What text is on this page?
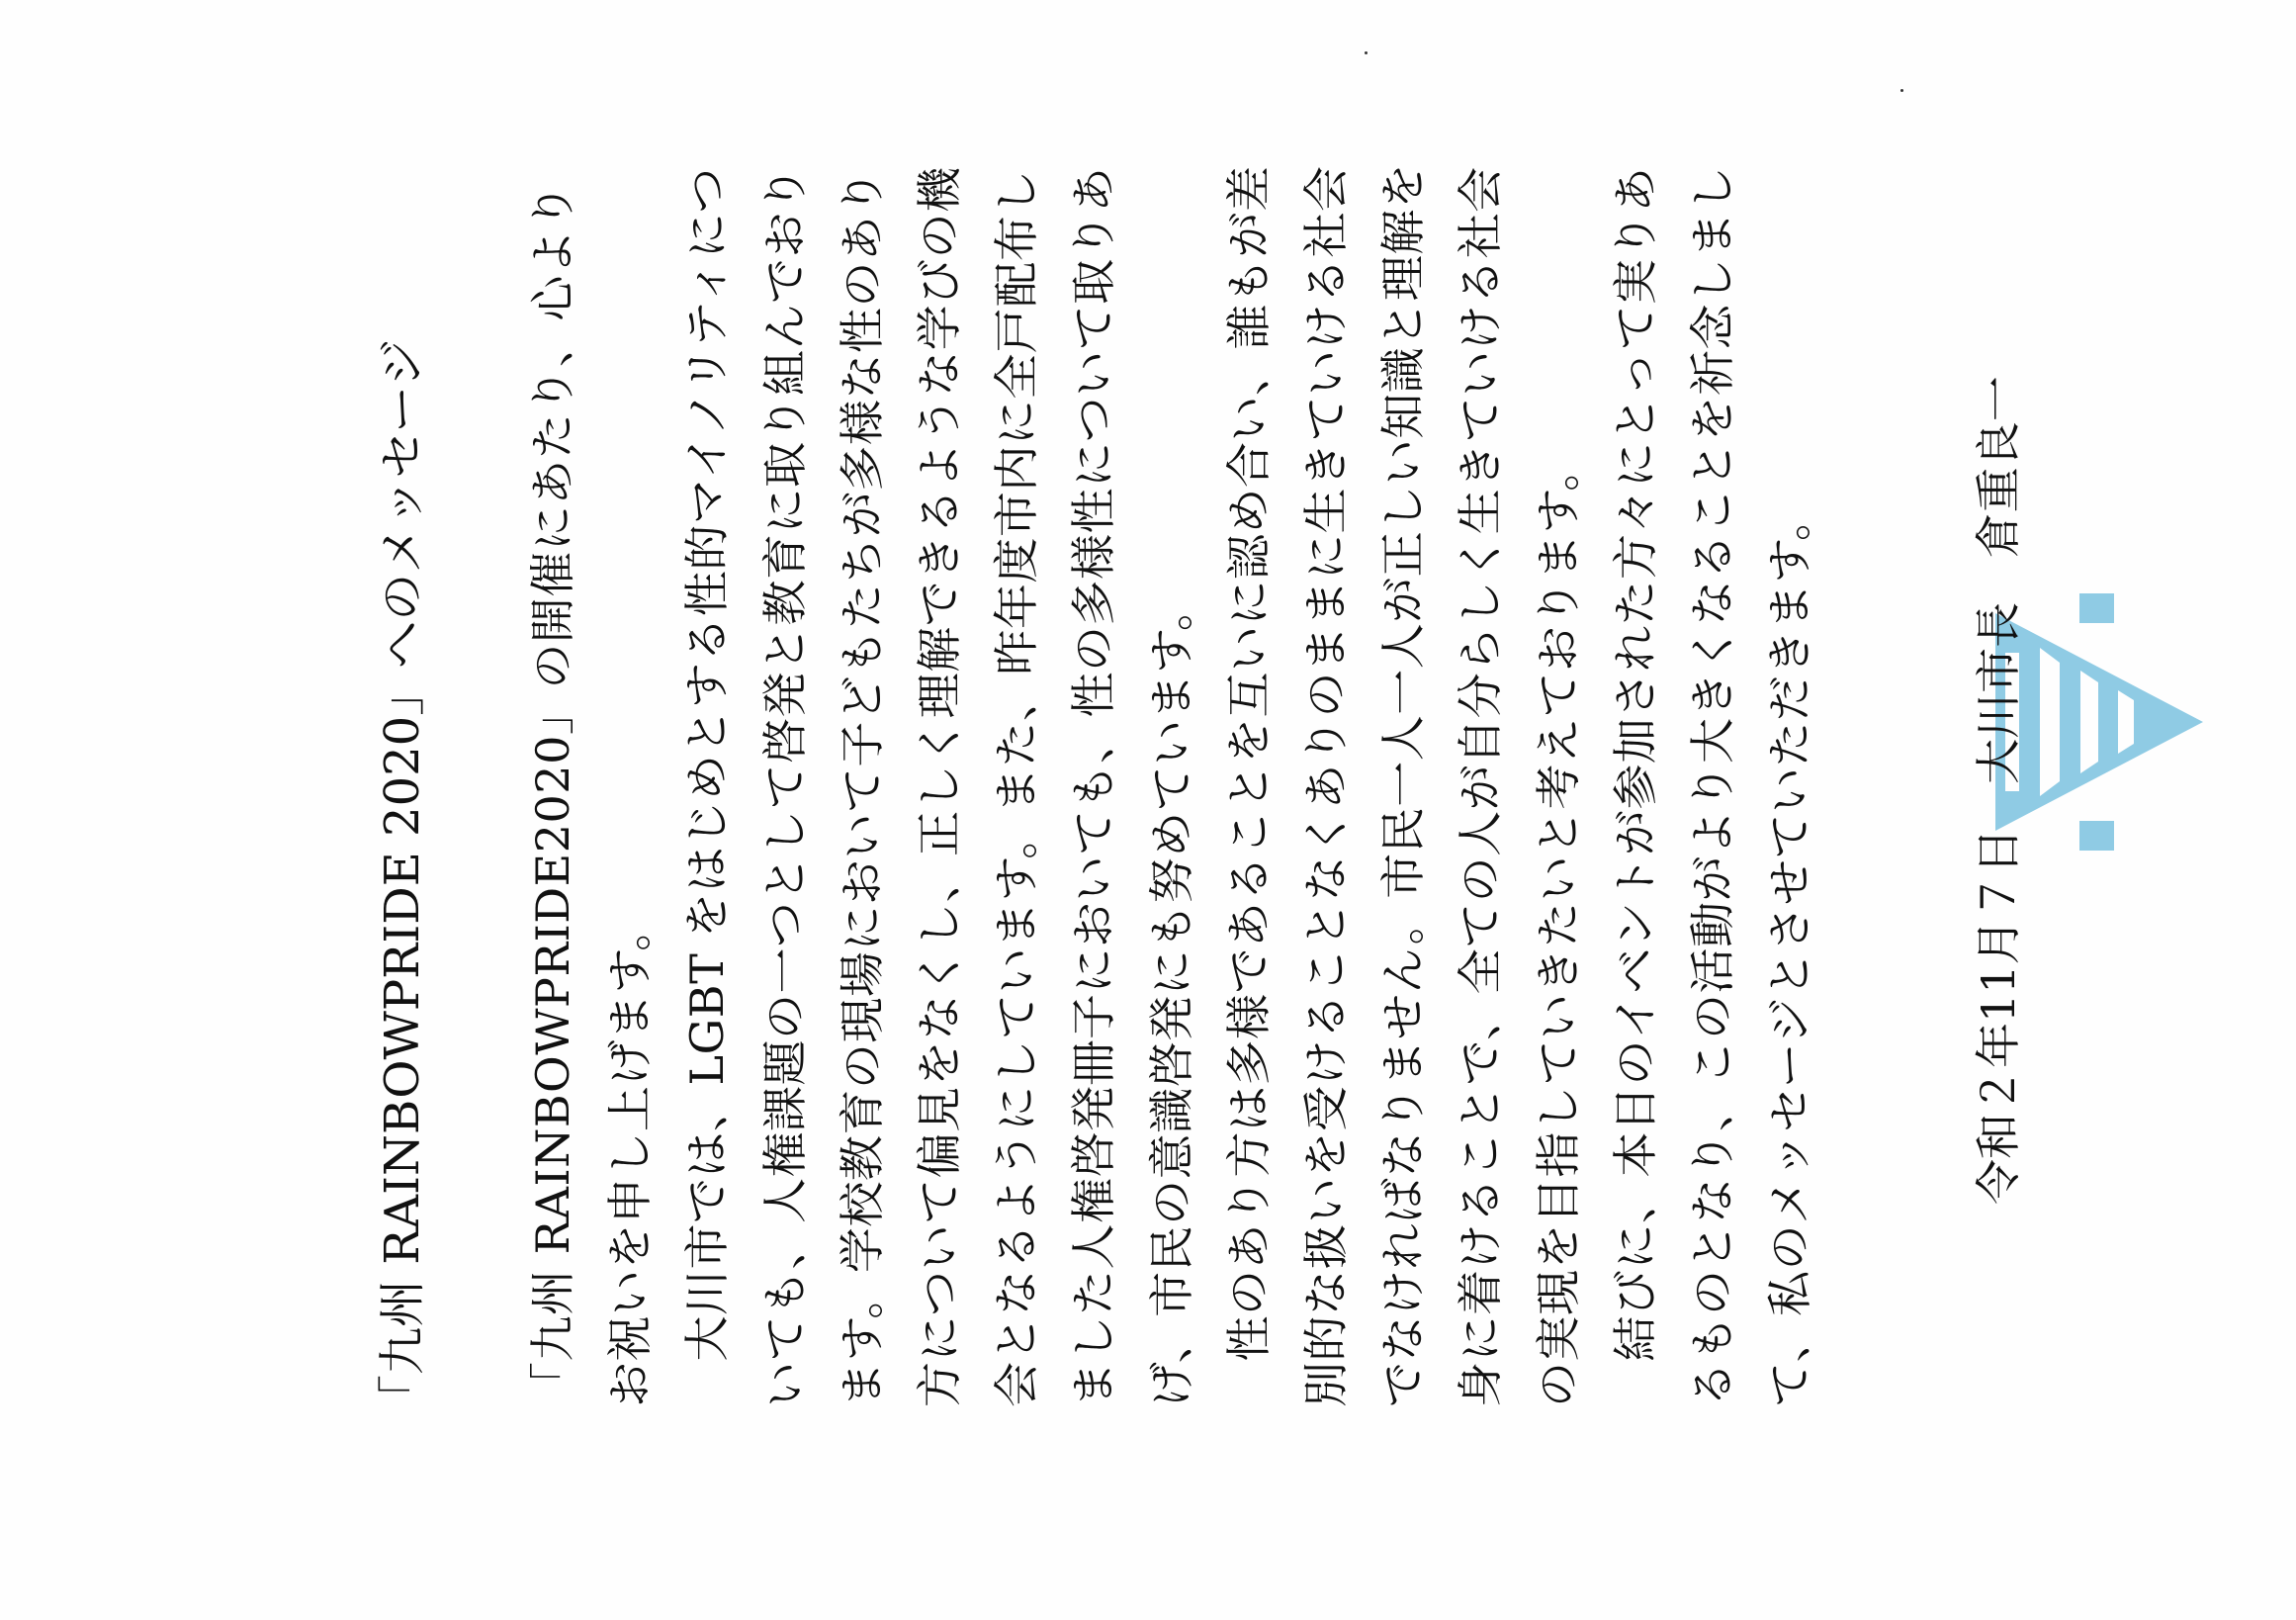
「九州 RAINBOWPRIDE 2020」へのメッセージ 「九州 RAINBOWPRIDE2020」の開催にあたり、心よりお祝いを申し上げます。 　大川市では、LGBT をはじめとする性的マイノリティについても、人権課題の一つとして啓発と教育に取り組んでおります。学校教育の現場において子どもたちが多様な性のあり方について偏見をなくし、正しく理解できるような学びの機会となるようにしています。また、昨年度市内に全戸配布しました人権啓発冊子においても、性の多様性について取りあげ、市民の意識啓発にも努めています。 　性のあり方は多様であることを互いに認め合い、誰もが差別的な扱いを受けることなくありのままに生きていける社会でなければなりません。市民一人一人が正しい知識と理解を身に着けることで、全ての人が自分らしく生きていける社会の実現を目指していきたいと考えております。 　結びに、本日のイベントが参加された方々にとって実りあるものとなり、この活動がより大きくなることを祈念しまして、私のメッセージとさせていただきます。	令和２年11月７日 大川市長 倉重良一
